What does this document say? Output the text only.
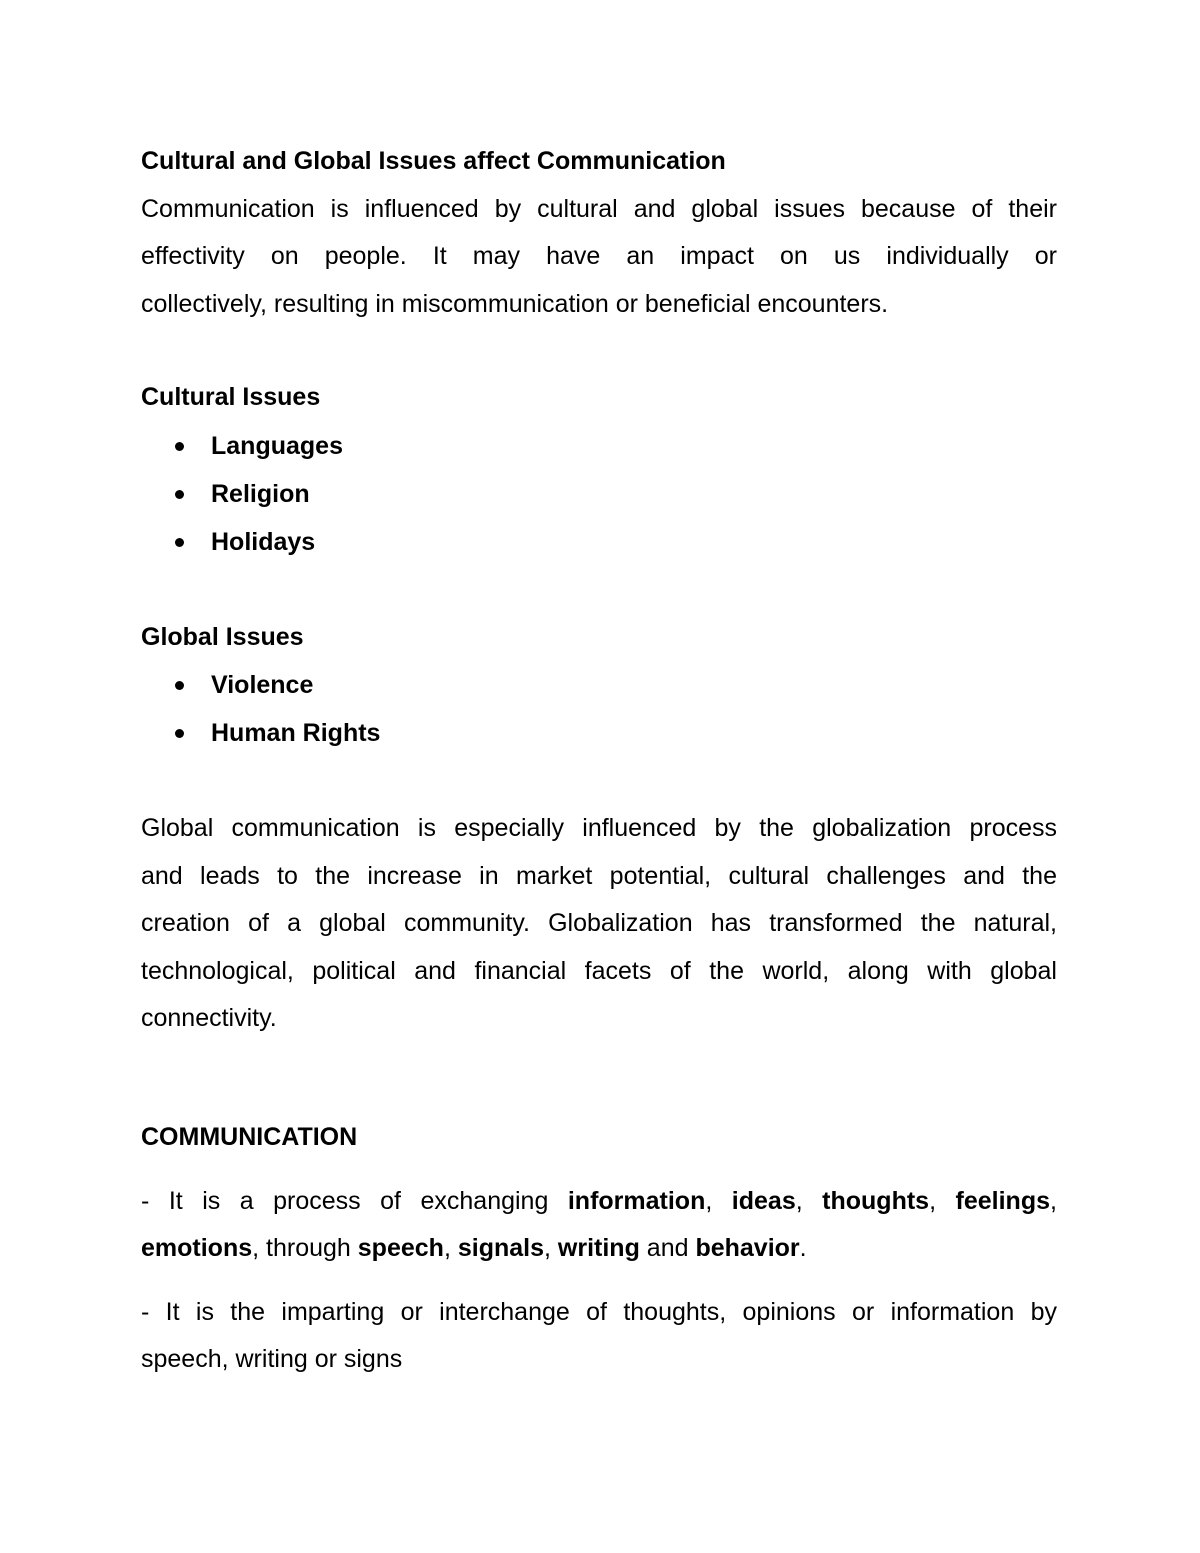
Cultural and Global Issues affect Communication

Communication is influenced by cultural and global issues because of their

effectivity on people. It may have an impact on us individually or

collectively, resulting in miscommunication or beneficial encounters.

Cultural Issues

Languages
Religion
Holidays

Global Issues

Violence
Human Rights

Global communication is especially influenced by the globalization process

and leads to the increase in market potential, cultural challenges and the

creation of a global community. Globalization has transformed the natural,

technological, political and financial facets of the world, along with global

connectivity.

COMMUNICATION

- It is a process of exchanging information, ideas, thoughts, feelings,
emotions, through speech, signals, writing and behavior.

- It is the imparting or interchange of thoughts, opinions or information by
speech, writing or signs
